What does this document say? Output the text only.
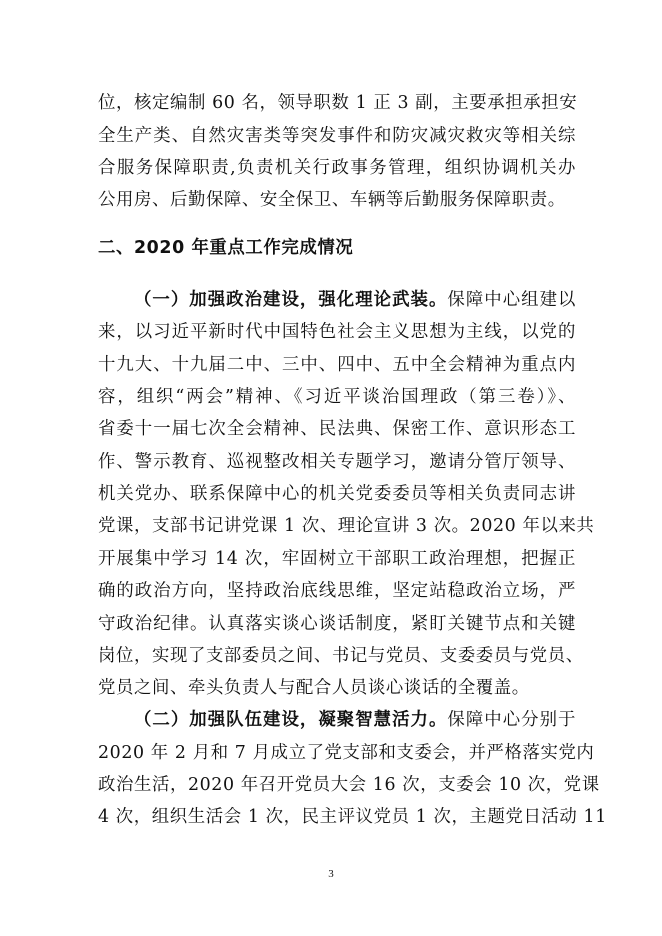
位，核定编制 60 名，领导职数 1 正 3 副，主要承担承担安
全生产类、自然灾害类等突发事件和防灾减灾救灾等相关综
合服务保障职责,负责机关行政事务管理，组织协调机关办
公用房、后勤保障、安全保卫、车辆等后勤服务保障职责。
二、2020 年重点工作完成情况
（一）加强政治建设，强化理论武装。保障中心组建以
来，以习近平新时代中国特色社会主义思想为主线，以党的
十九大、十九届二中、三中、四中、五中全会精神为重点内
容，组织“两会”精神、《习近平谈治国理政（第三卷）》、
省委十一届七次全会精神、民法典、保密工作、意识形态工
作、警示教育、巡视整改相关专题学习，邀请分管厅领导、
机关党办、联系保障中心的机关党委委员等相关负责同志讲
党课，支部书记讲党课 1 次、理论宣讲 3 次。2020 年以来共
开展集中学习 14 次，牢固树立干部职工政治理想，把握正
确的政治方向，坚持政治底线思维，坚定站稳政治立场，严
守政治纪律。认真落实谈心谈话制度，紧盯关键节点和关键
岗位，实现了支部委员之间、书记与党员、支委委员与党员、
党员之间、牵头负责人与配合人员谈心谈话的全覆盖。
（二）加强队伍建设，凝聚智慧活力。保障中心分别于
2020 年 2 月和 7 月成立了党支部和支委会，并严格落实党内
政治生活，2020 年召开党员大会 16 次，支委会 10 次，党课
4 次，组织生活会 1 次，民主评议党员 1 次，主题党日活动 11
3
